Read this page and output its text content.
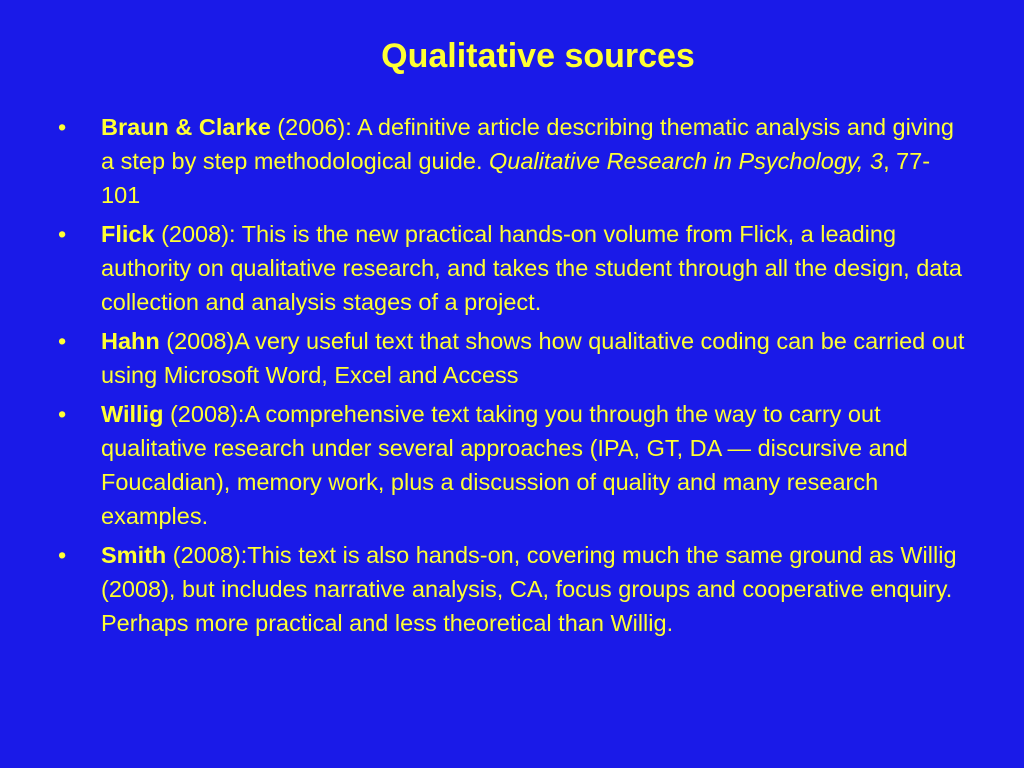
Qualitative sources
• Braun & Clarke (2006): A definitive article describing thematic analysis and giving a step by step methodological guide. Qualitative Research in Psychology, 3, 77-101
• Flick (2008): This is the new practical hands-on volume from Flick, a leading authority on qualitative research, and takes the student through all the design, data collection and analysis stages of a project.
• Hahn (2008)A very useful text that shows how qualitative coding can be carried out using Microsoft Word, Excel and Access
• Willig (2008):A comprehensive text taking you through the way to carry out qualitative research under several approaches (IPA, GT, DA — discursive and Foucaldian), memory work, plus a discussion of quality and many research examples.
• Smith (2008):This text is also hands-on, covering much the same ground as Willig (2008), but includes narrative analysis, CA, focus groups and cooperative enquiry. Perhaps more practical and less theoretical than Willig.
